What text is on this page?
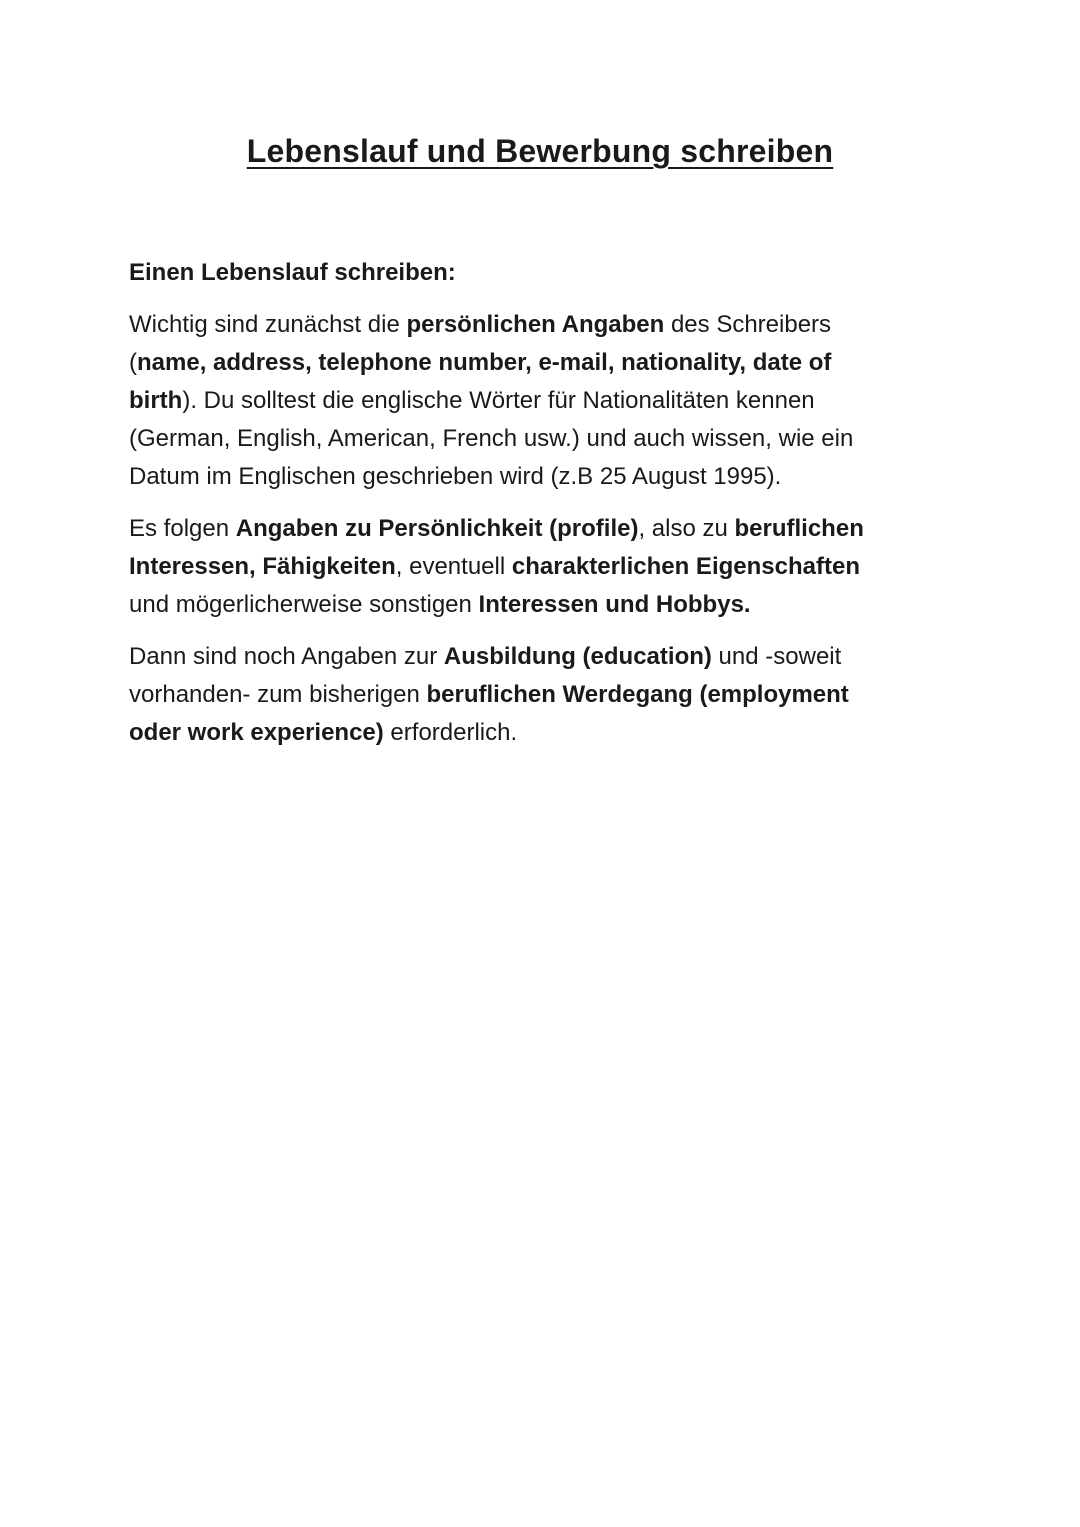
Lebenslauf und Bewerbung schreiben
Einen Lebenslauf schreiben:

Wichtig sind zunächst die persönlichen Angaben des Schreibers
(name, address, telephone number, e-mail, nationality, date of
birth). Du solltest die englische Wörter für Nationalitäten kennen
(German, English, American, French usw.) und auch wissen, wie ein
Datum im Englischen geschrieben wird (z.B 25 August 1995).

Es folgen Angaben zu Persönlichkeit (profile), also zu beruflichen
Interessen, Fähigkeiten, eventuell charakterlichen Eigenschaften
und mögerlicherweise sonstigen Interessen und Hobbys.

Dann sind noch Angaben zur Ausbildung (education) und -soweit
vorhanden- zum bisherigen beruflichen Werdegang (employment
oder work experience) erforderlich.
